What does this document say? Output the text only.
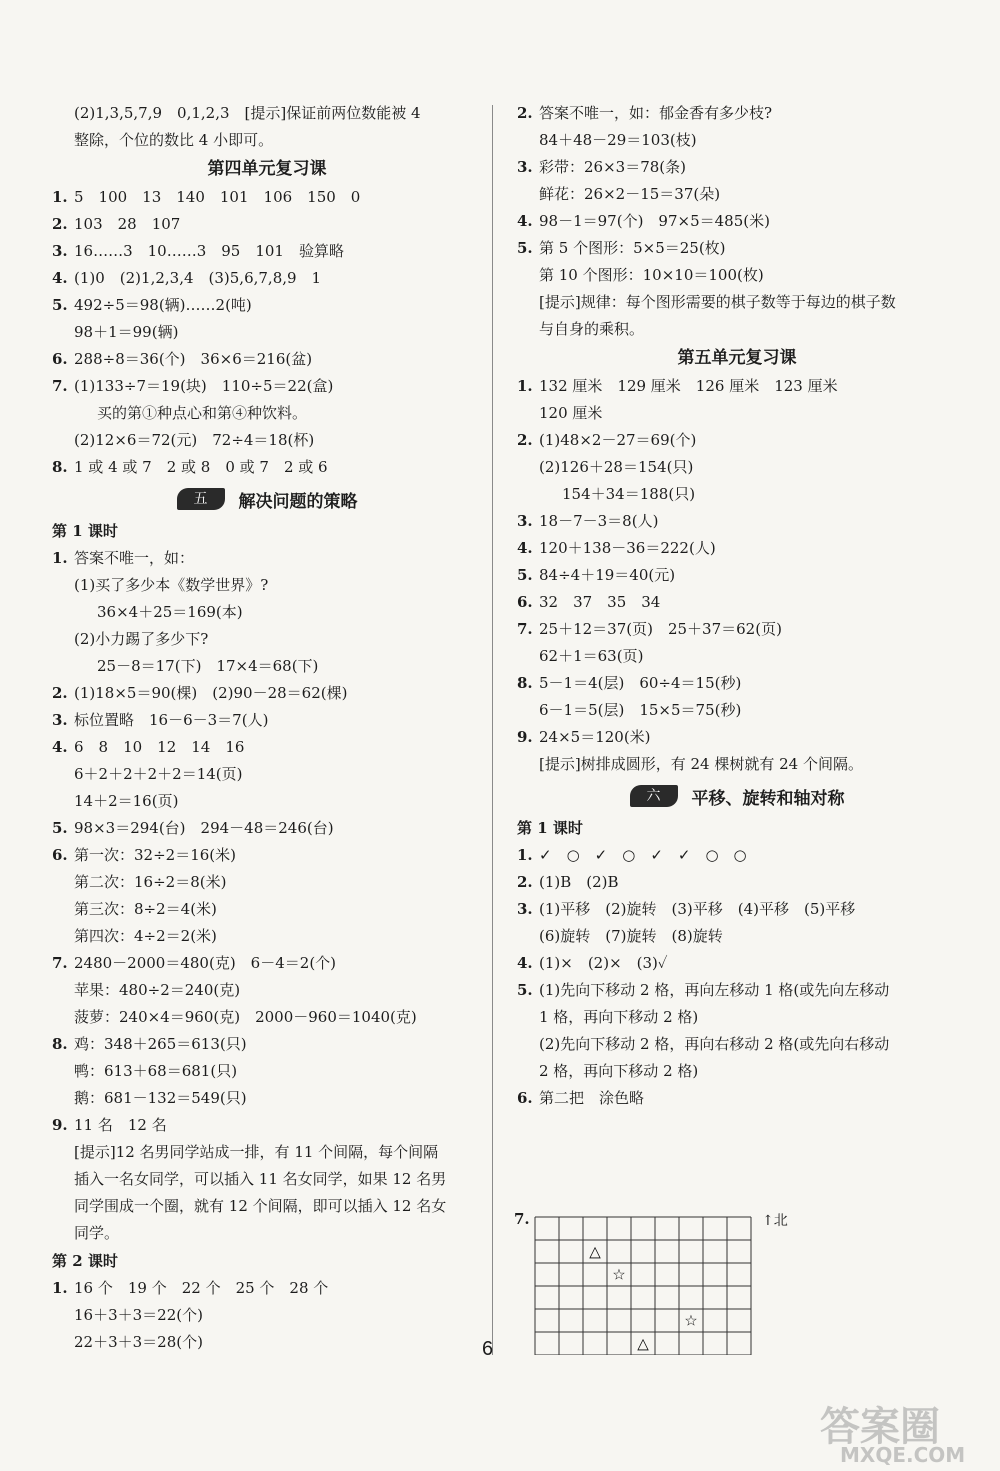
(2)1,3,5,7,9　0,1,2,3　[提示]保证前两位数能被 4
整除，个位的数比 4 小即可。
第四单元复习课
1. 5　100　13　140　101　106　150　0
2. 103　28　107
3. 16……3　10……3　95　101　验算略
4. (1)0　(2)1,2,3,4　(3)5,6,7,8,9　1
5. 492÷5＝98(辆)……2(吨)
98＋1＝99(辆)
6. 288÷8＝36(个)　36×6＝216(盆)
7. (1)133÷7＝19(块)　110÷5＝22(盒)
买的第①种点心和第④种饮料。
(2)12×6＝72(元)　72÷4＝18(杯)
8. 1 或 4 或 7　2 或 8　0 或 7　2 或 6
五	解决问题的策略
第 1 课时
1. 答案不唯一，如：
(1)买了多少本《数学世界》?
36×4＋25＝169(本)
(2)小力踢了多少下?
25－8＝17(下)　17×4＝68(下)
2. (1)18×5＝90(棵)　(2)90－28＝62(棵)
3. 标位置略　16－6－3＝7(人)
4. 6　8　10　12　14　16
6＋2＋2＋2＋2＝14(页)
14＋2＝16(页)
5. 98×3＝294(台)　294－48＝246(台)
6. 第一次：32÷2＝16(米)
第二次：16÷2＝8(米)
第三次：8÷2＝4(米)
第四次：4÷2＝2(米)
7. 2480－2000＝480(克)　6－4＝2(个)
苹果：480÷2＝240(克)
菠萝：240×4＝960(克)　2000－960＝1040(克)
8. 鸡：348＋265＝613(只)
鸭：613＋68＝681(只)
鹅：681－132＝549(只)
9. 11 名　12 名
[提示]12 名男同学站成一排，有 11 个间隔，每个间隔
插入一名女同学，可以插入 11 名女同学，如果 12 名男
同学围成一个圈，就有 12 个间隔，即可以插入 12 名女
同学。
第 2 课时
1. 16 个　19 个　22 个　25 个　28 个
16＋3＋3＝22(个)
22＋3＋3＝28(个)
2. 答案不唯一，如：郁金香有多少枝?
84＋48－29＝103(枝)
3. 彩带：26×3＝78(条)
鲜花：26×2－15＝37(朵)
4. 98－1＝97(个)　97×5＝485(米)
5. 第 5 个图形：5×5＝25(枚)
第 10 个图形：10×10＝100(枚)
[提示]规律：每个图形需要的棋子数等于每边的棋子数
与自身的乘积。
第五单元复习课
1. 132 厘米　129 厘米　126 厘米　123 厘米
120 厘米
2. (1)48×2－27＝69(个)
(2)126＋28＝154(只)
154＋34＝188(只)
3. 18－7－3＝8(人)
4. 120＋138－36＝222(人)
5. 84÷4＋19＝40(元)
6. 32　37　35　34
7. 25＋12＝37(页)　25＋37＝62(页)
62＋1＝63(页)
8. 5－1＝4(层)　60÷4＝15(秒)
6－1＝5(层)　15×5＝75(秒)
9. 24×5＝120(米)
[提示]树排成圆形，有 24 棵树就有 24 个间隔。
六	平移、旋转和轴对称
第 1 课时
1. ✓　○　✓　○　✓　✓　○　○
2. (1)B　(2)B
3. (1)平移　(2)旋转　(3)平移　(4)平移　(5)平移
(6)旋转　(7)旋转　(8)旋转
4. (1)×　(2)×　(3)✓
5. (1)先向下移动 2 格，再向左移动 1 格(或先向左移动
1 格，再向下移动 2 格)
(2)先向下移动 2 格，再向右移动 2 格(或先向右移动
2 格，再向下移动 2 格)
6. 第二把　涂色略
7.	↑北
△
☆
☆
△
6
答案圈
MXQE.COM
